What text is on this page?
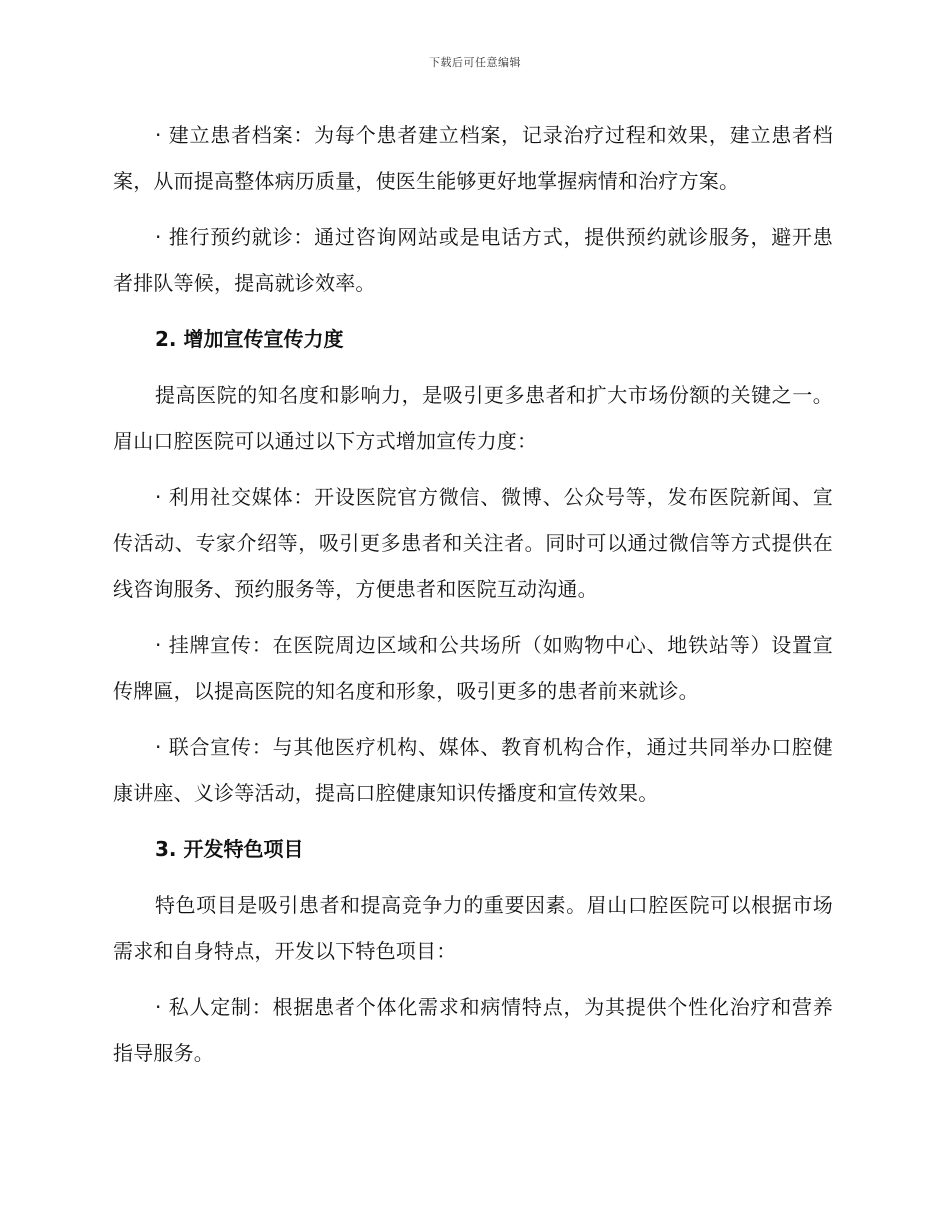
下载后可任意编辑

· 建立患者档案：为每个患者建立档案，记录治疗过程和效果，建立患者档案，从而提高整体病历质量，使医生能够更好地掌握病情和治疗方案。

· 推行预约就诊：通过咨询网站或是电话方式，提供预约就诊服务，避开患者排队等候，提高就诊效率。

2. 增加宣传宣传力度

提高医院的知名度和影响力，是吸引更多患者和扩大市场份额的关键之一。眉山口腔医院可以通过以下方式增加宣传力度：

· 利用社交媒体：开设医院官方微信、微博、公众号等，发布医院新闻、宣传活动、专家介绍等，吸引更多患者和关注者。同时可以通过微信等方式提供在线咨询服务、预约服务等，方便患者和医院互动沟通。

· 挂牌宣传：在医院周边区域和公共场所（如购物中心、地铁站等）设置宣传牌匾，以提高医院的知名度和形象，吸引更多的患者前来就诊。

· 联合宣传：与其他医疗机构、媒体、教育机构合作，通过共同举办口腔健康讲座、义诊等活动，提高口腔健康知识传播度和宣传效果。

3. 开发特色项目

特色项目是吸引患者和提高竞争力的重要因素。眉山口腔医院可以根据市场需求和自身特点，开发以下特色项目：

· 私人定制：根据患者个体化需求和病情特点，为其提供个性化治疗和营养指导服务。
